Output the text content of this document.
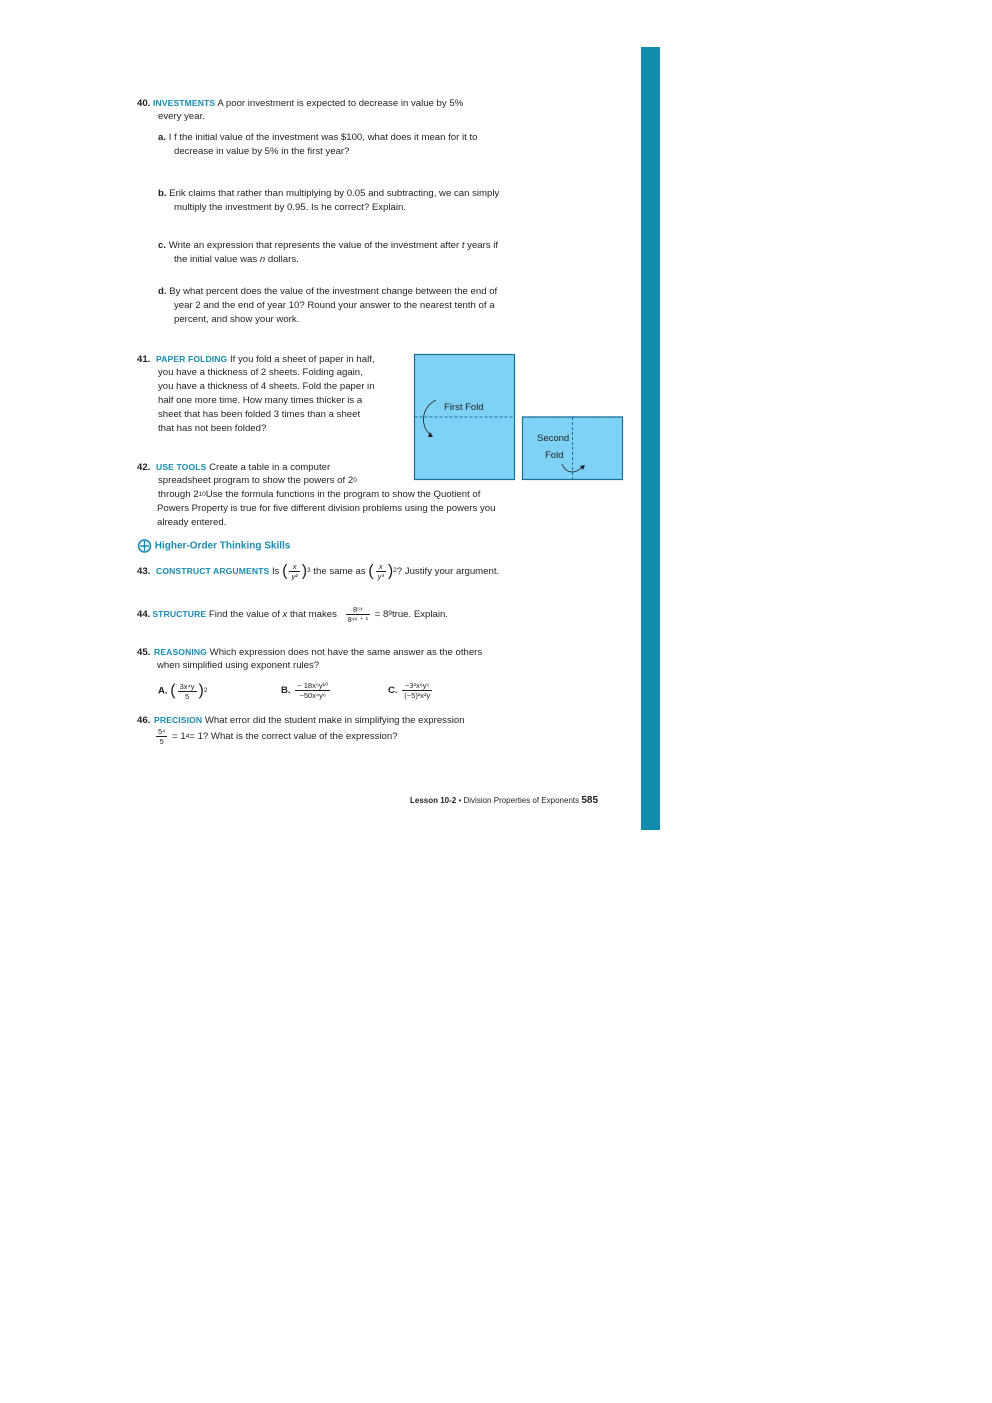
40. INVESTMENTS A poor investment is expected to decrease in value by 5%
every year.
a. I f the initial value of the investment was $100, what does it mean for it to
decrease in value by 5% in the first year?
b. Erik claims that rather than multiplying by 0.05 and subtracting, we can simply
multiply the investment by 0.95. Is he correct? Explain.
c. Write an expression that represents the value of the investment after t years if
the initial value was n dollars.
d. By what percent does the value of the investment change between the end of
year 2 and the end of year 10? Round your answer to the nearest tenth of a
percent, and show your work.
41. PAPER FOLDING If you fold a sheet of paper in half,
you have a thickness of 2 sheets. Folding again,
you have a thickness of 4 sheets. Fold the paper in
half one more time. How many times thicker is a
sheet that has been folded 3 times than a sheet
that has not been folded?
First Fold
Second
Fold
42. USE TOOLS Create a table in a computer
spreadsheet program to show the powers of $2^0$
through $2^{10}Use$ the formula functions in the program to show the Quotient of
Powers Property is true for five different division problems using the powers you
already entered.
Higher-Order Thinking Skills
43. CONSTRUCT ARGUMENTS Is ( $\frac{x}{\text{y²}} )^3$ the same as ( $\frac{x}{\text{y³}} )^2$? Justify your argument.
44. STRUCTURE Find the value of x that makes $\frac{\text{8⁵ˣ}}{\text{8⁴ˣ ⁺ ¹}}$ = $8^9true$. Explain.
45. REASONING Which expression does not have the same answer as the others
when simplified using exponent rules?
A. ( $\frac{\text{3x⁴y}}{5} )^2$	B. $\frac{\text{− 18x⁵y¹⁰}}{\text{−50x⁴y⁶}}$	C. $\frac{\text{−3²x⁶y⁵}}{\text{(−5)²x²y}}$
46. PRECISION What error did the student make in simplifying the expression
$\frac{\text{5⁴}}{5} = 1^4= 1$? What is the correct value of the expression?
Lesson 10-2 • Division Properties of Exponents 585
